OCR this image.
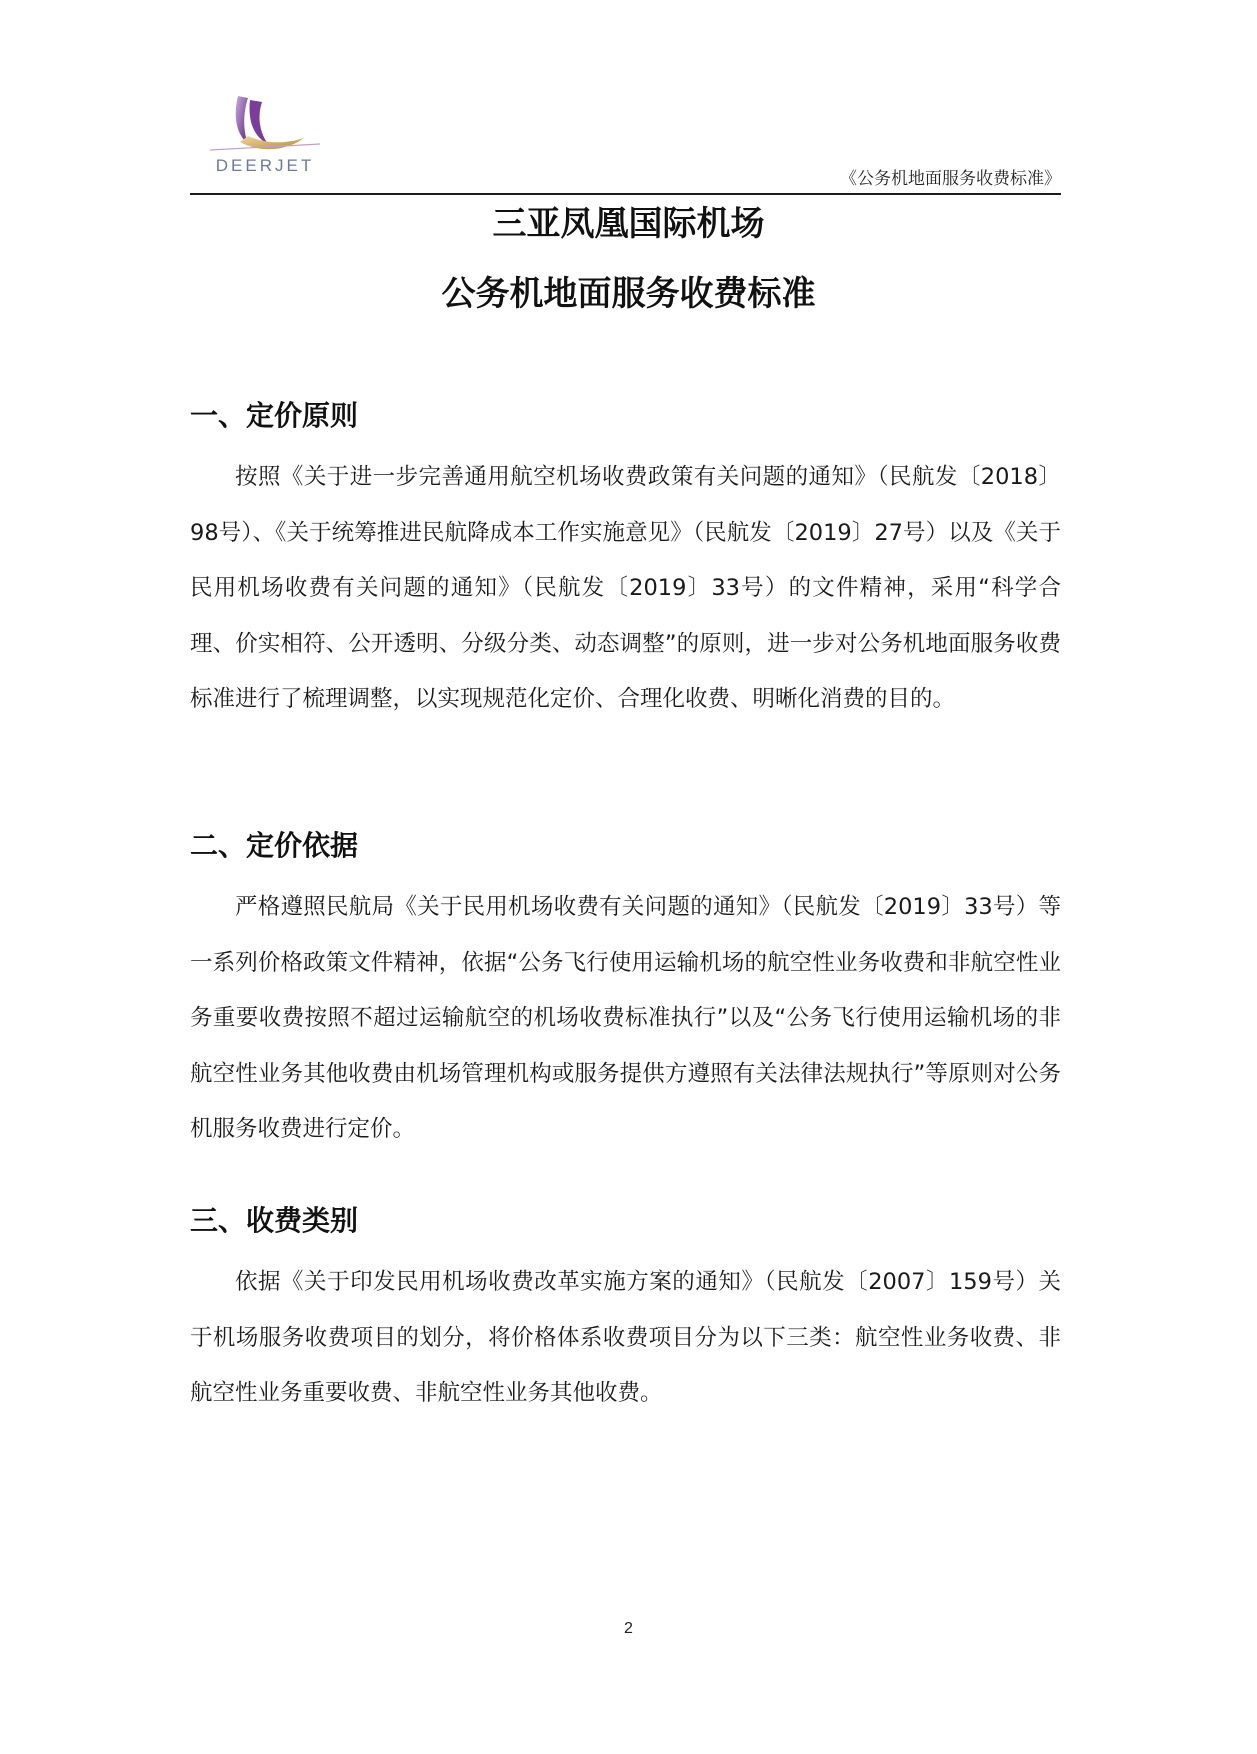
DEERJET
《公务机地面服务收费标准》
三亚凤凰国际机场
公务机地面服务收费标准
一、定价原则

按照《关于进一步完善通用航空机场收费政策有关问题的通知》（民航发〔2018〕98号）、《关于统筹推进民航降成本工作实施意见》（民航发〔2019〕27号）以及《关于民用机场收费有关问题的通知》（民航发〔2019〕33号）的文件精神，采用“科学合理、价实相符、公开透明、分级分类、动态调整”的原则，进一步对公务机地面服务收费标准进行了梳理调整，以实现规范化定价、合理化收费、明晰化消费的目的。

二、定价依据

严格遵照民航局《关于民用机场收费有关问题的通知》（民航发〔2019〕33号）等一系列价格政策文件精神，依据“公务飞行使用运输机场的航空性业务收费和非航空性业务重要收费按照不超过运输航空的机场收费标准执行”以及“公务飞行使用运输机场的非航空性业务其他收费由机场管理机构或服务提供方遵照有关法律法规执行”等原则对公务机服务收费进行定价。

三、收费类别

依据《关于印发民用机场收费改革实施方案的通知》（民航发〔2007〕159号）关于机场服务收费项目的划分，将价格体系收费项目分为以下三类：航空性业务收费、非航空性业务重要收费、非航空性业务其他收费。

2
